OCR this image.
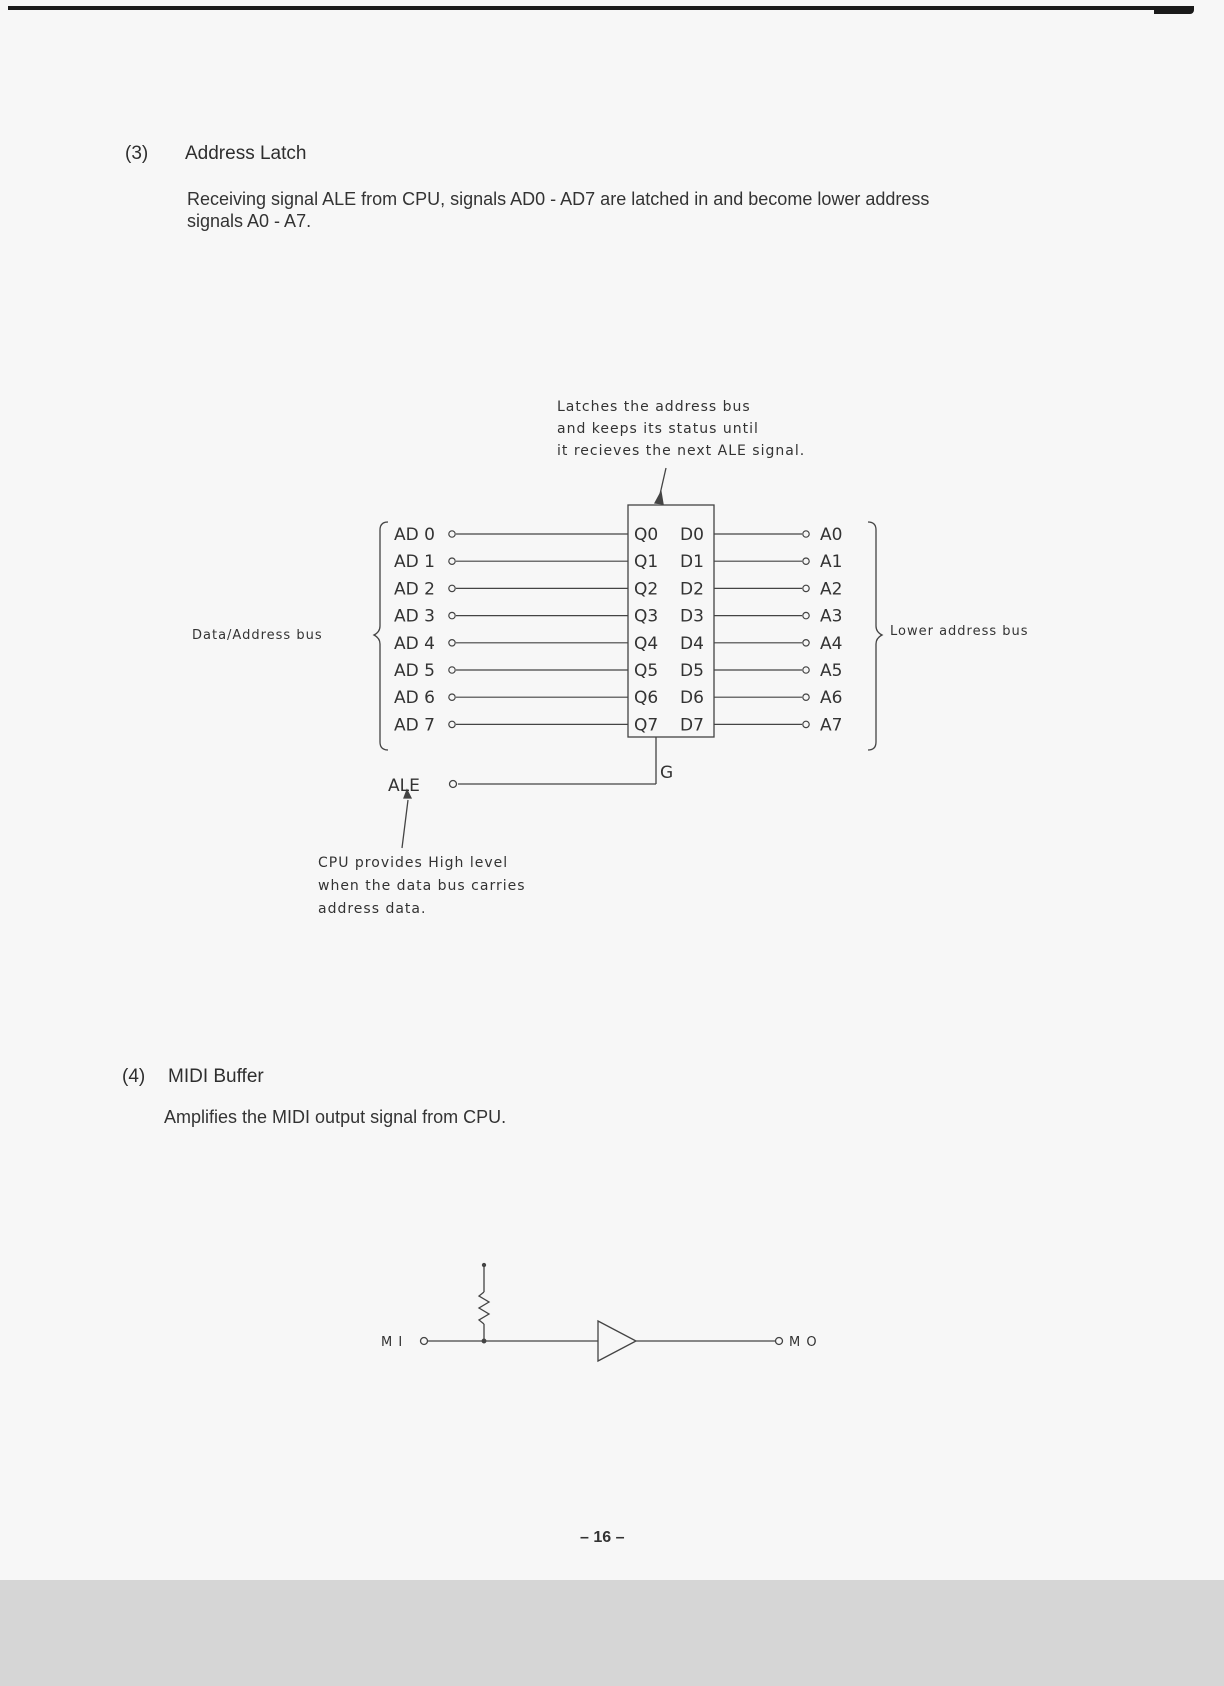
(3) Address Latch
Receiving signal ALE from CPU, signals AD0 - AD7 are latched in and become lower address
signals A0 - A7.
AD 0	Q0 D0	A0
AD 1	Q1 D1	A1
AD 2	Q2 D2	A2
AD 3	Q3 D3	A3
AD 4	Q4 D4	A4
AD 5	Q5 D5	A5
AD 6	Q6 D6	A6
AD 7	Q7 D7	A7
Latches the address bus
and keeps its status until
it recieves the next ALE signal.
Data/Address bus	Lower address bus
G
ALE
CPU provides High level
when the data bus carries
address data.
(4) MIDI Buffer
Amplifies the MIDI output signal from CPU.
M I	M O
– 16 –
